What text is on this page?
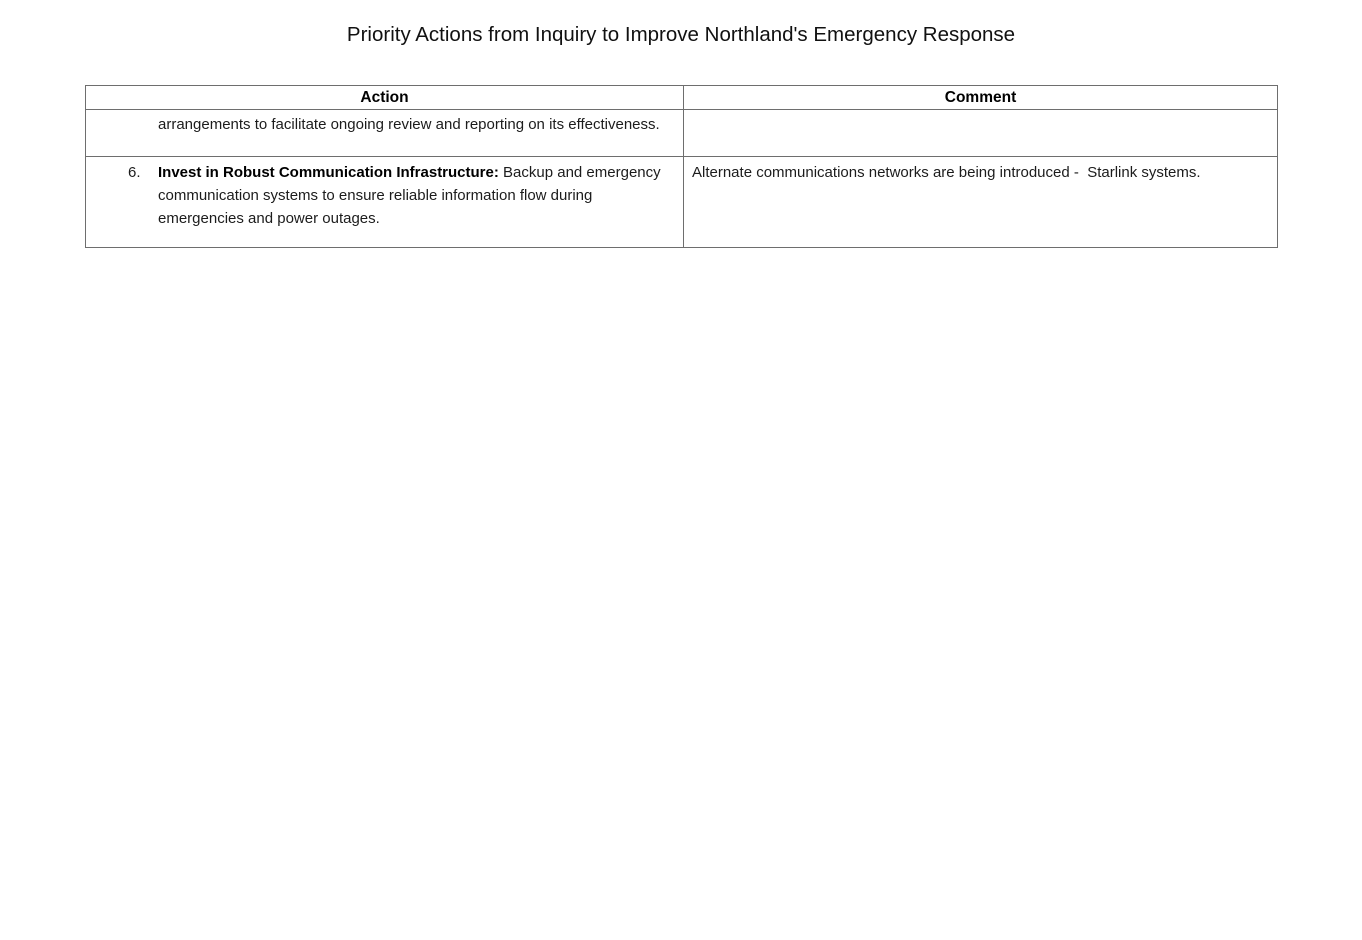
Priority Actions from Inquiry to Improve Northland's Emergency Response
Action	Comment

arrangements to facilitate ongoing review and reporting on its effectiveness.	

6. Invest in Robust Communication Infrastructure: Backup and emergency communication systems to ensure reliable information flow during emergencies and power outages.	Alternate communications networks are being introduced -  Starlink systems.
